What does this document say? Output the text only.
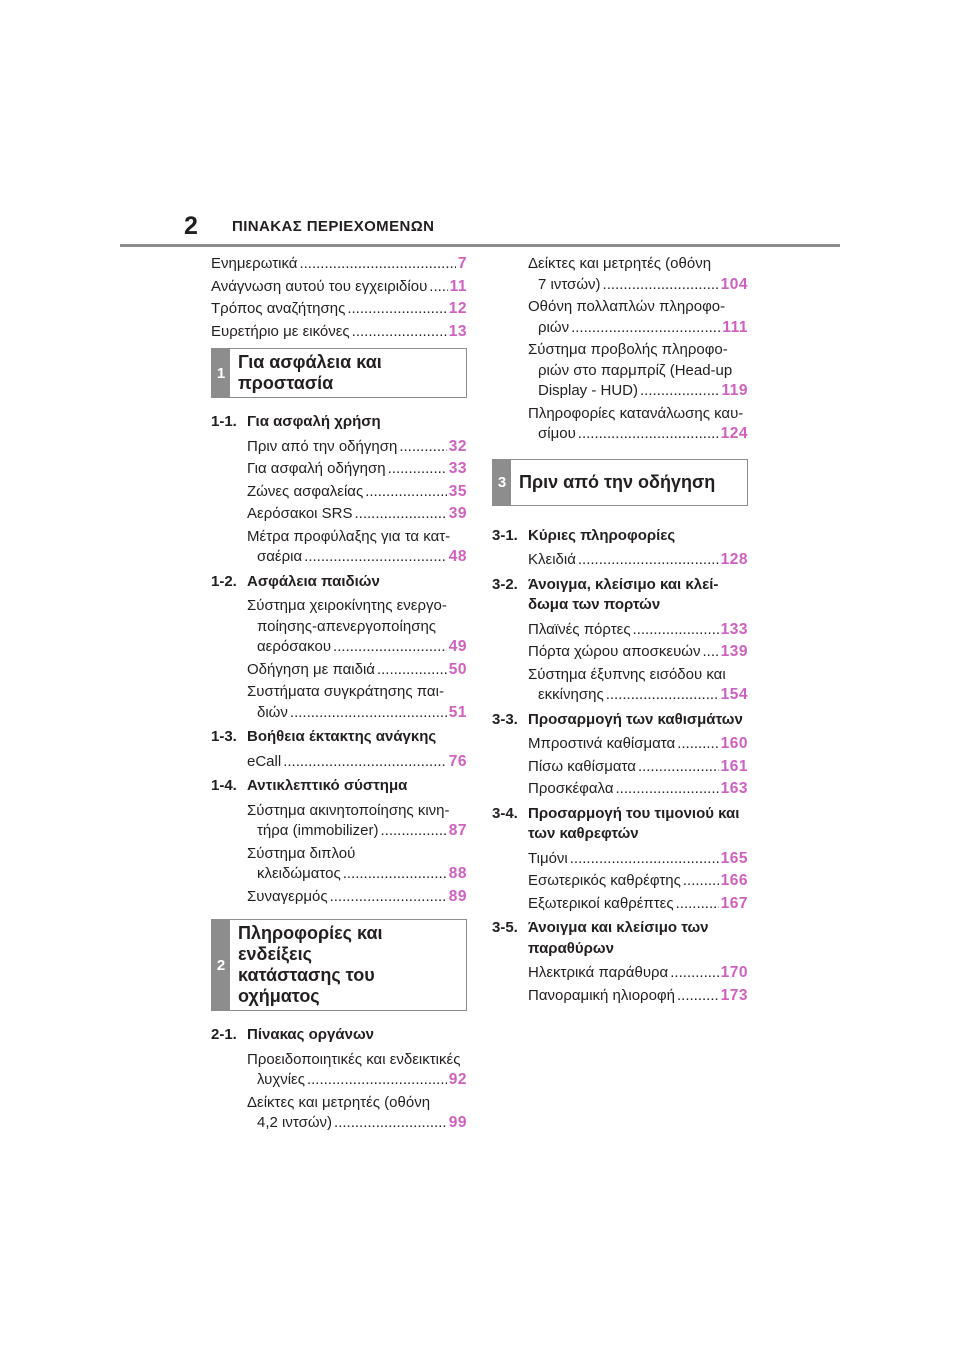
2 ΠΙΝΑΚΑΣ ΠΕΡΙΕΧΟΜΕΝΩΝ
Ενημερωτικά .....	7
Ανάγνωση αυτού του εγχειριδίου ..... 11
Τρόπος αναζήτησης .....	12
Ευρετήριο με εικόνες .....	13
1
Για ασφάλεια και
προστασία
1-1. Για ασφαλή χρήση
Πριν από την οδήγηση .....	32
Για ασφαλή οδήγηση .....	33
Ζώνες ασφαλείας .....	35
Αερόσακοι SRS .....	39
Μέτρα προφύλαξης για τα κατ-
σαέρια .....	48
1-2. Ασφάλεια παιδιών
Σύστημα χειροκίνητης ενεργο-
ποίησης-απενεργοποίησης
αερόσακου .....	49
Οδήγηση με παιδιά .....	50
Συστήματα συγκράτησης παι-
διών .....	51
1-3. Βοήθεια έκτακτης ανάγκης
eCall .....	76
1-4. Αντικλεπτικό σύστημα
Σύστημα ακινητοποίησης κινη-
τήρα (immobilizer) .....	87
Σύστημα διπλού
κλειδώματος .....	88
Συναγερμός .....	89
2
Πληροφορίες και ενδείξεις
κατάστασης του οχήματος
2-1. Πίνακας οργάνων
Προειδοποιητικές και ενδεικτικές
λυχνίες .....	92
Δείκτες και μετρητές (οθόνη
4,2 ιντσών) .....	99
Δείκτες και μετρητές (οθόνη
7 ιντσών) .....	104
Οθόνη πολλαπλών πληροφο-
ριών .....	111
Σύστημα προβολής πληροφο-
ριών στο παρμπρίζ (Head-up
Display - HUD) .....	119
Πληροφορίες κατανάλωσης καυ-
σίμου .....	124
3 Πριν από την οδήγηση
3-1. Κύριες πληροφορίες
Κλειδιά .....	128
3-2. Άνοιγμα, κλείσιμο και κλεί-
δωμα των πορτών
Πλαϊνές πόρτες .....	133
Πόρτα χώρου αποσκευών ..... 139
Σύστημα έξυπνης εισόδου και
εκκίνησης .....	154
3-3. Προσαρμογή των καθισμάτων
Μπροστινά καθίσματα .....	160
Πίσω καθίσματα .....	161
Προσκέφαλα .....	163
3-4. Προσαρμογή του τιμονιού και
των καθρεφτών
Τιμόνι .....	165
Εσωτερικός καθρέφτης .....	166
Εξωτερικοί καθρέπτες .....	167
3-5. Άνοιγμα και κλείσιμο των
παραθύρων
Ηλεκτρικά παράθυρα .....	170
Πανοραμική ηλιοροφή .....	173
